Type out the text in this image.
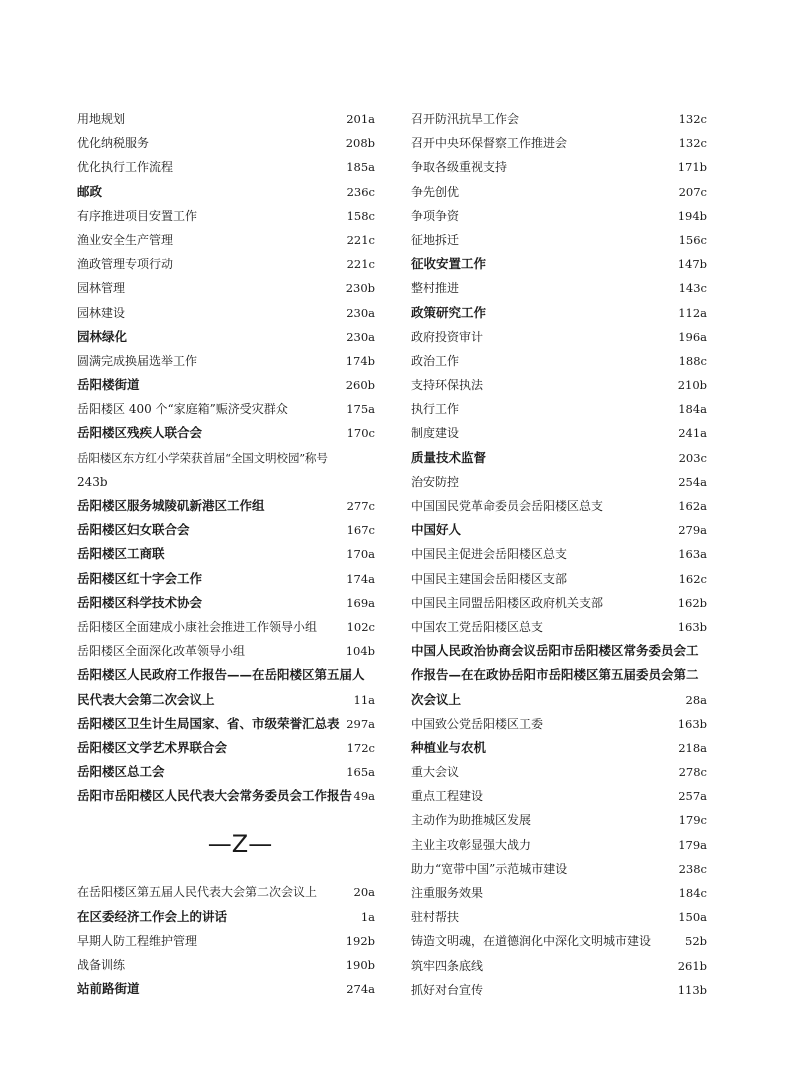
用地规划	201a
优化纳税服务	208b
优化执行工作流程	185a
邮政	236c
有序推进项目安置工作	158c
渔业安全生产管理	221c
渔政管理专项行动	221c
园林管理	230b
园林建设	230a
园林绿化	230a
圆满完成换届选举工作	174b
岳阳楼街道	260b
岳阳楼区 400 个“家庭箱”赈济受灾群众	175a
岳阳楼区残疾人联合会	170c
岳阳楼区东方红小学荣获首届“全国文明校园”称号
243b
岳阳楼区服务城陵矶新港区工作组	277c
岳阳楼区妇女联合会	167c
岳阳楼区工商联	170a
岳阳楼区红十字会工作	174a
岳阳楼区科学技术协会	169a
岳阳楼区全面建成小康社会推进工作领导小组	102c
岳阳楼区全面深化改革领导小组	104b
岳阳楼区人民政府工作报告——在岳阳楼区第五届人
民代表大会第二次会议上	11a
岳阳楼区卫生计生局国家、省、市级荣誉汇总表 297a
岳阳楼区文学艺术界联合会	172c
岳阳楼区总工会	165a
岳阳市岳阳楼区人民代表大会常务委员会工作报告 49a
—Z—
在岳阳楼区第五届人民代表大会第二次会议上	20a
在区委经济工作会上的讲话	1a
早期人防工程维护管理	192b
战备训练	190b
站前路街道	274a
召开防汛抗旱工作会	132c
召开中央环保督察工作推进会	132c
争取各级重视支持	171b
争先创优	207c
争项争资	194b
征地拆迁	156c
征收安置工作	147b
整村推进	143c
政策研究工作	112a
政府投资审计	196a
政治工作	188c
支持环保执法	210b
执行工作	184a
制度建设	241a
质量技术监督	203c
治安防控	254a
中国国民党革命委员会岳阳楼区总支	162a
中国好人	279a
中国民主促进会岳阳楼区总支	163a
中国民主建国会岳阳楼区支部	162c
中国民主同盟岳阳楼区政府机关支部	162b
中国农工党岳阳楼区总支	163b
中国人民政治协商会议岳阳市岳阳楼区常务委员会工
作报告—在在政协岳阳市岳阳楼区第五届委员会第二
次会议上	28a
中国致公党岳阳楼区工委	163b
种植业与农机	218a
重大会议	278c
重点工程建设	257a
主动作为助推城区发展	179c
主业主攻彰显强大战力	179a
助力“宽带中国”示范城市建设	238c
注重服务效果	184c
驻村帮扶	150a
铸造文明魂，在道德润化中深化文明城市建设	52b
筑牢四条底线	261b
抓好对台宣传	113b
